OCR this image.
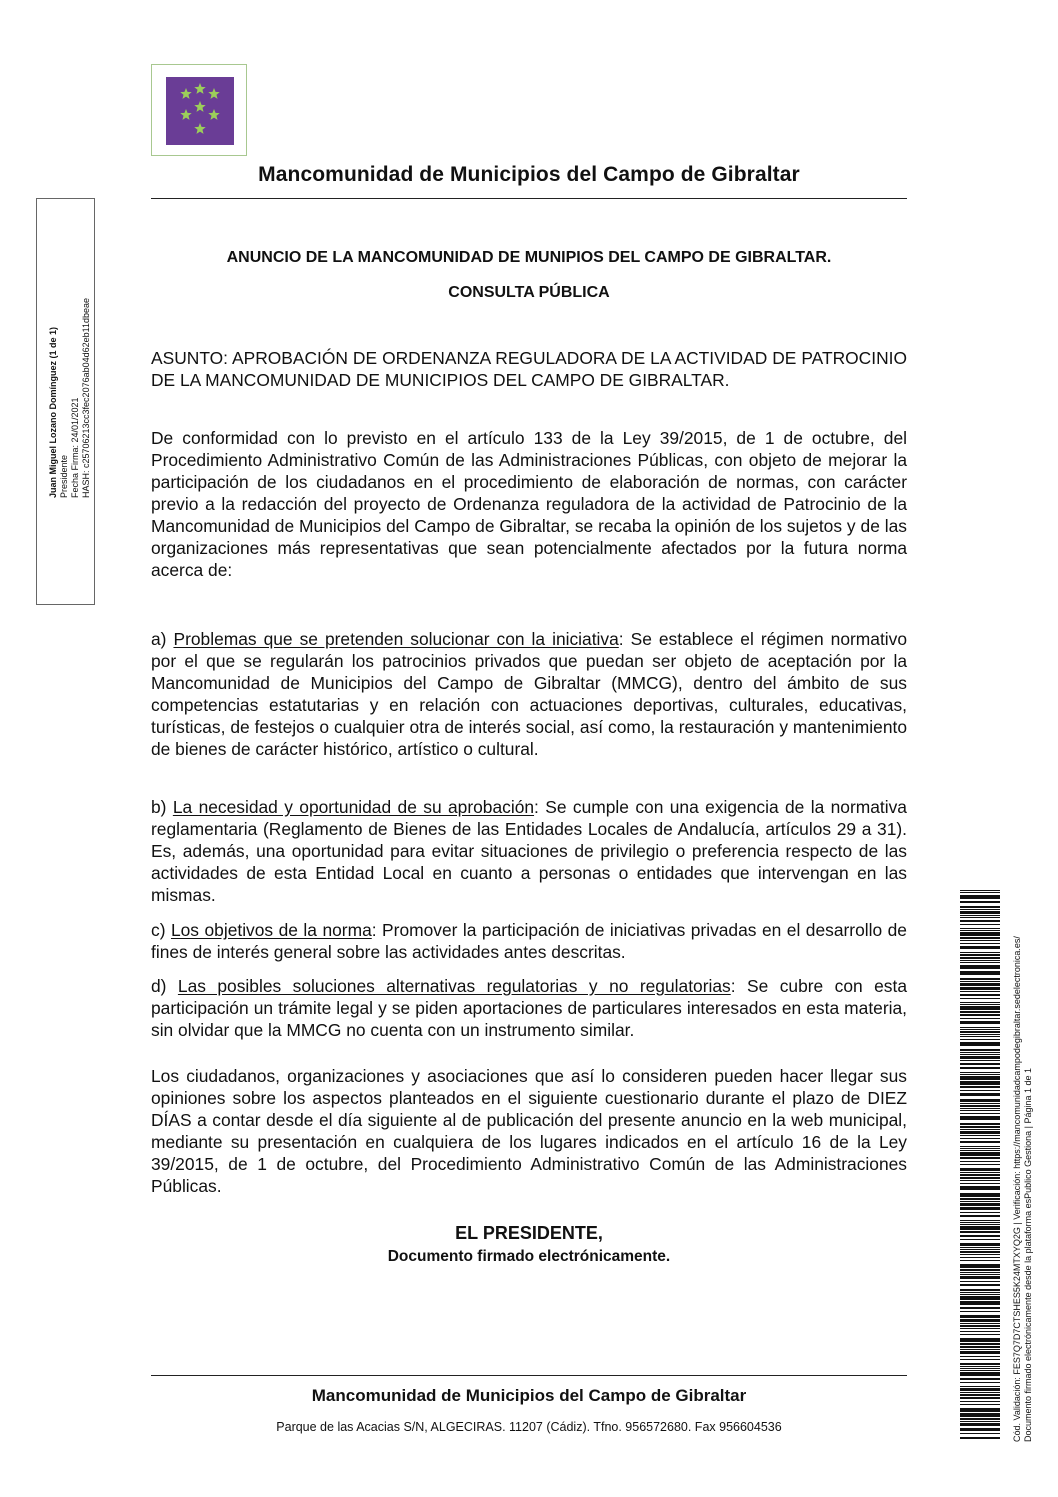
Mancomunidad de Municipios del Campo de Gibraltar
ANUNCIO DE LA MANCOMUNIDAD DE MUNIPIOS DEL CAMPO DE GIBRALTAR.
CONSULTA PÚBLICA
ASUNTO: APROBACIÓN DE ORDENANZA REGULADORA DE LA ACTIVIDAD DE PATROCINIO DE LA MANCOMUNIDAD DE MUNICIPIOS DEL CAMPO DE GIBRALTAR.
De conformidad con lo previsto en el artículo 133 de la Ley 39/2015, de 1 de octubre, del Procedimiento Administrativo Común de las Administraciones Públicas, con objeto de mejorar la participación de los ciudadanos en el procedimiento de elaboración de normas, con carácter previo a la redacción del proyecto de Ordenanza reguladora de la actividad de Patrocinio de la Mancomunidad de Municipios del Campo de Gibraltar, se recaba la opinión de los sujetos y de las organizaciones más representativas que sean potencialmente afectados por la futura norma acerca de:
a) Problemas que se pretenden solucionar con la iniciativa: Se establece el régimen normativo por el que se regularán los patrocinios privados que puedan ser objeto de aceptación por la Mancomunidad de Municipios del Campo de Gibraltar (MMCG), dentro del ámbito de sus competencias estatutarias y en relación con actuaciones deportivas, culturales, educativas, turísticas, de festejos o cualquier otra de interés social, así como, la restauración y mantenimiento de bienes de carácter histórico, artístico o cultural.
b) La necesidad y oportunidad de su aprobación: Se cumple con una exigencia de la normativa reglamentaria (Reglamento de Bienes de las Entidades Locales de Andalucía, artículos 29 a 31). Es, además, una oportunidad para evitar situaciones de privilegio o preferencia respecto de las actividades de esta Entidad Local en cuanto a personas o entidades que intervengan en las mismas.
c) Los objetivos de la norma: Promover la participación de iniciativas privadas en el desarrollo de fines de interés general sobre las actividades antes descritas.
d) Las posibles soluciones alternativas regulatorias y no regulatorias: Se cubre con esta participación un trámite legal y se piden aportaciones de particulares interesados en esta materia, sin olvidar que la MMCG no cuenta con un instrumento similar.
Los ciudadanos, organizaciones y asociaciones que así lo consideren pueden hacer llegar sus opiniones sobre los aspectos planteados en el siguiente cuestionario durante el plazo de DIEZ DÍAS a contar desde el día siguiente al de publicación del presente anuncio en la web municipal, mediante su presentación en cualquiera de los lugares indicados en el artículo 16 de la Ley 39/2015, de 1 de octubre, del Procedimiento Administrativo Común de las Administraciones Públicas.
EL PRESIDENTE,
Documento firmado electrónicamente.
Mancomunidad de Municipios del Campo de Gibraltar
Parque de las Acacias S/N, ALGECIRAS. 11207 (Cádiz). Tfno. 956572680. Fax 956604536
Juan Miguel Lozano Domínguez (1 de 1) Presidente Fecha Firma: 24/01/2021 HASH: c25706213cc3fec2076ab04d62eb11dbeae
Cód. Validación: FES7Q7D7CTSHES5K24MTXYQ2G | Verificación: https://mancomunidadcampodegibraltar.sedelectronica.es/ Documento firmado electrónicamente desde la plataforma esPublico Gestiona | Página 1 de 1
